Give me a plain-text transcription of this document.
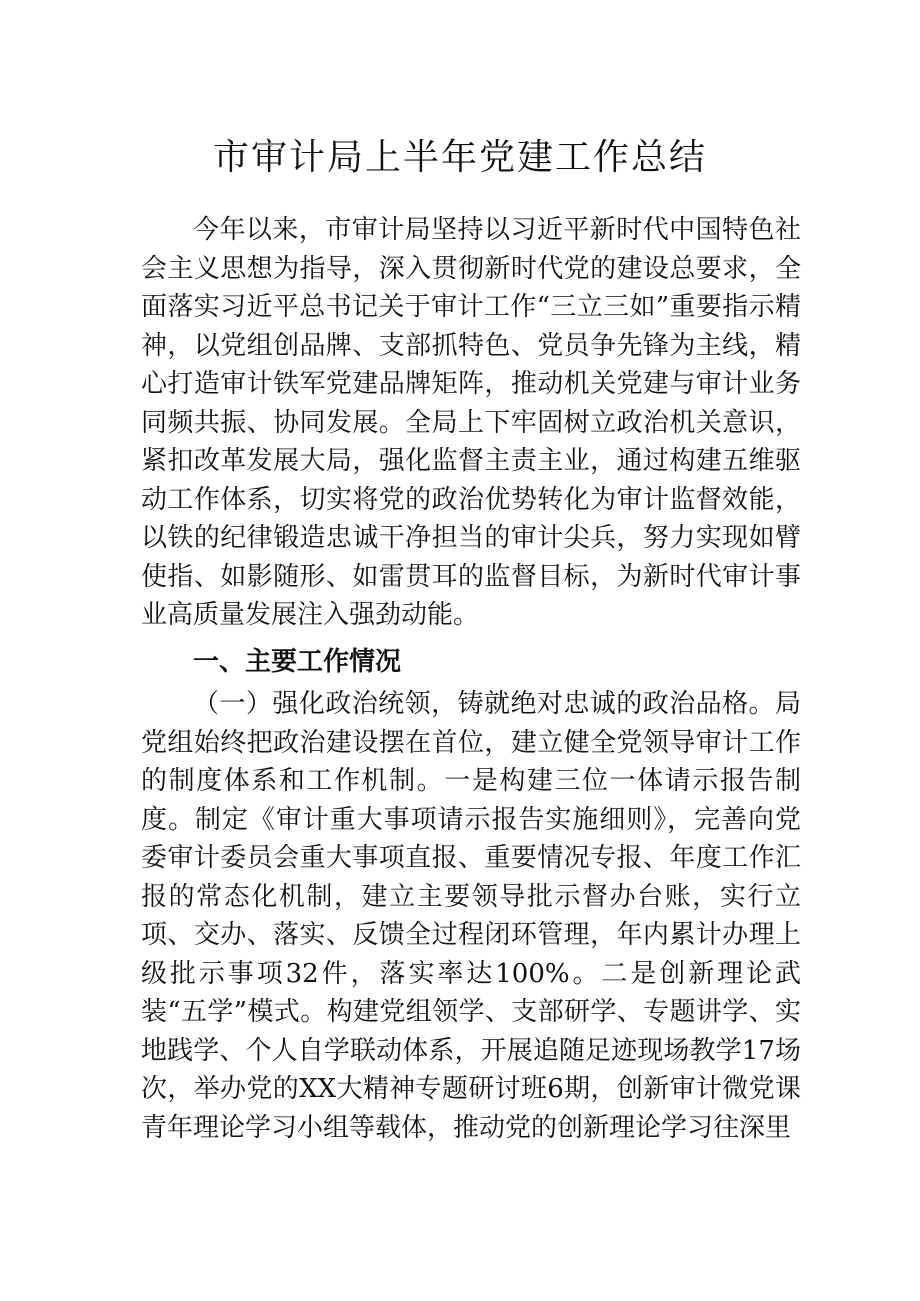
市审计局上半年党建工作总结

今年以来，市审计局坚持以习近平新时代中国特色社会主义思想为指导，深入贯彻新时代党的建设总要求，全面落实习近平总书记关于审计工作“三立三如”重要指示精神，以党组创品牌、支部抓特色、党员争先锋为主线，精心打造审计铁军党建品牌矩阵，推动机关党建与审计业务同频共振、协同发展。全局上下牢固树立政治机关意识，紧扣改革发展大局，强化监督主责主业，通过构建五维驱动工作体系，切实将党的政治优势转化为审计监督效能，以铁的纪律锻造忠诚干净担当的审计尖兵，努力实现如臂使指、如影随形、如雷贯耳的监督目标，为新时代审计事业高质量发展注入强劲动能。

一、主要工作情况

（一）强化政治统领，铸就绝对忠诚的政治品格。局党组始终把政治建设摆在首位，建立健全党领导审计工作的制度体系和工作机制。一是构建三位一体请示报告制度。制定《审计重大事项请示报告实施细则》，完善向党委审计委员会重大事项直报、重要情况专报、年度工作汇报的常态化机制，建立主要领导批示督办台账，实行立项、交办、落实、反馈全过程闭环管理，年内累计办理上级批示事项32件，落实率达100%。二是创新理论武装“五学”模式。构建党组领学、支部研学、专题讲学、实地践学、个人自学联动体系，开展追随足迹现场教学17场次，举办党的XX大精神专题研讨班6期，创新审计微党课青年理论学习小组等载体，推动党的创新理论学习往深里
